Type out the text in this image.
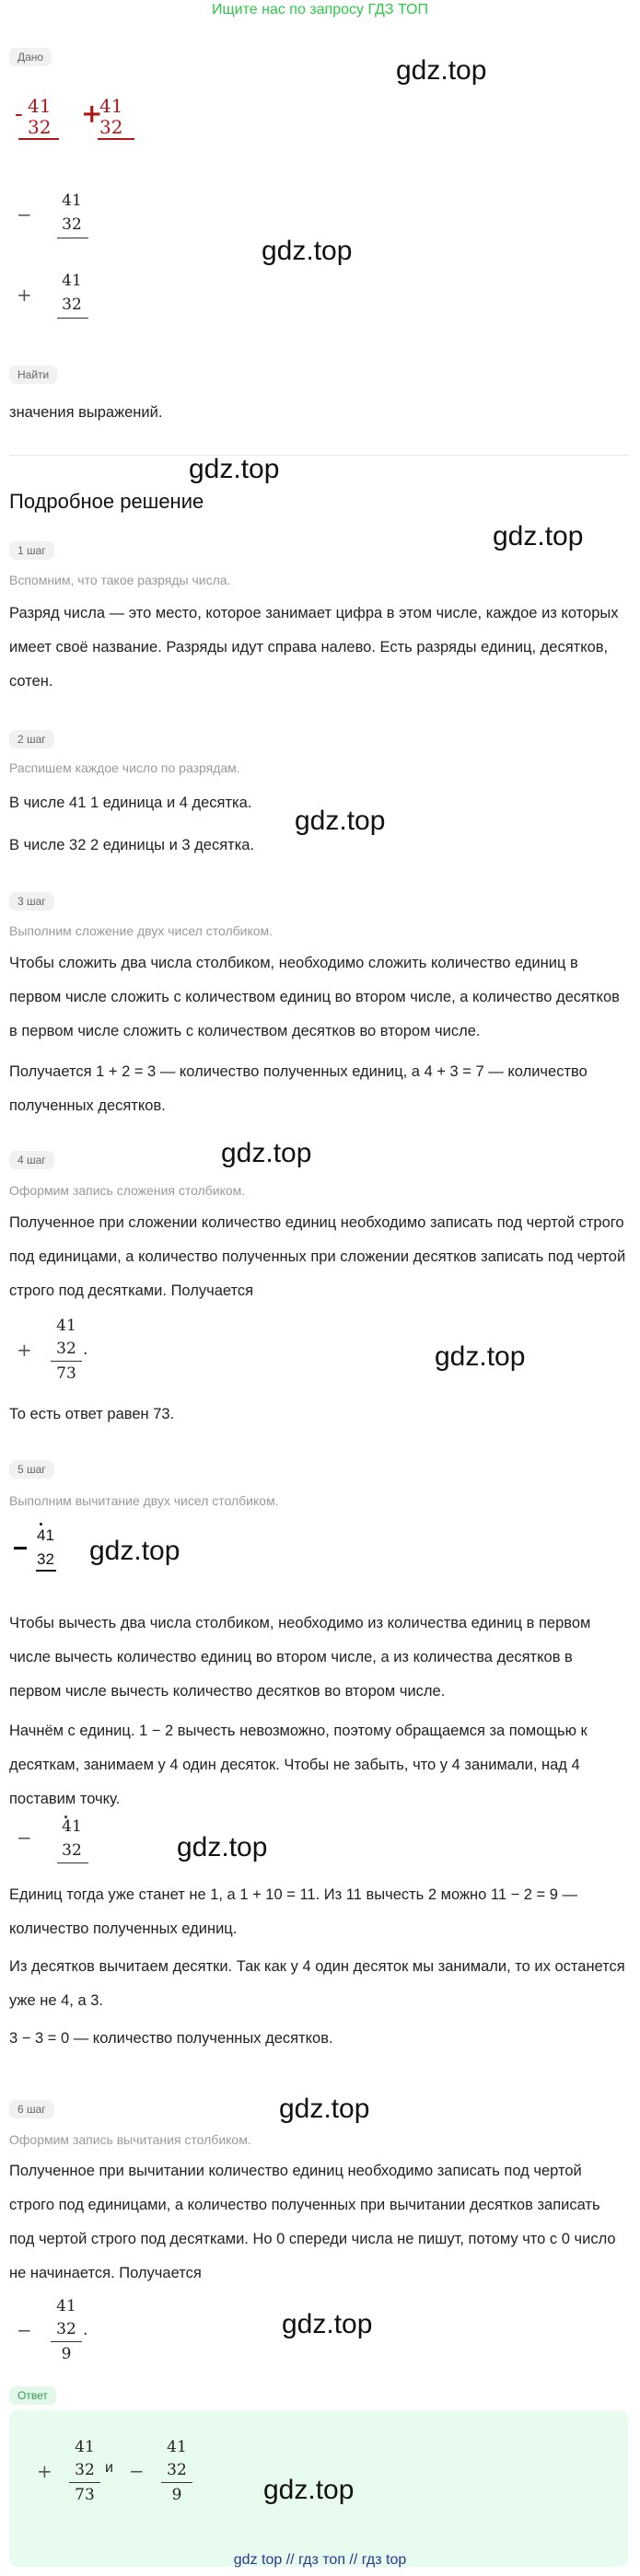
Ищите нас по запросу ГДЗ ТОП
Дано	gdz.top
- 41
32 +
41
32
−
41
32
gdz.top
+
41
32
Найти
значения выражений.
gdz.top
Подробное решение
gdz.top
1 шаг
Вспомним, что такое разряды числа.
Разряд числа — это место, которое занимает цифра в этом числе, каждое из которых имеет своё название. Разряды идут справа налево. Есть разряды единиц, десятков, сотен.
2 шаг
Распишем каждое число по разрядам.
В числе 41 1 единица и 4 десятка.
gdz.top
В числе 32 2 единицы и 3 десятка.
3 шаг
Выполним сложение двух чисел столбиком.
Чтобы сложить два числа столбиком, необходимо сложить количество единиц в первом числе сложить с количеством единиц во втором числе, а количество десятков в первом числе сложить с количеством десятков во втором числе.
Получается 1 + 2 = 3 — количество полученных единиц, а 4 + 3 = 7 — количество полученных десятков.
gdz.top
4 шаг
Оформим запись сложения столбиком.
Полученное при сложении количество единиц необходимо записать под чертой строго под единицами, а количество полученных при сложении десятков записать под чертой строго под десятками. Получается
+
41
32
73
.	gdz.top
То есть ответ равен 73.
5 шаг
Выполним вычитание двух чисел столбиком.
− 41
32 gdz.top
Чтобы вычесть два числа столбиком, необходимо из количества единиц в первом числе вычесть количество единиц во втором числе, а из количества десятков в первом числе вычесть количество десятков во втором числе.
Начнём с единиц. 1 − 2 вычесть невозможно, поэтому обращаемся за помощью к десяткам, занимаем у 4 один десяток. Чтобы не забыть, что у 4 занимали, над 4 поставим точку.
− 41
32	gdz.top
Единиц тогда уже станет не 1, а 1 + 10 = 11. Из 11 вычесть 2 можно 11 − 2 = 9 — количество полученных единиц.
Из десятков вычитаем десятки. Так как у 4 один десяток мы занимали, то их останется уже не 4, а 3.
3 − 3 = 0 — количество полученных десятков.
gdz.top
6 шаг
Оформим запись вычитания столбиком.
Полученное при вычитании количество единиц необходимо записать под чертой строго под единицами, а количество полученных при вычитании десятков записать под чертой строго под десятками. Но 0 спереди числа не пишут, потому что с 0 число не начинается. Получается
−
41
32
9
.	gdz.top
Ответ
+
41
32
73
и −
41
32
9	gdz.top
gdz top // гдз топ // гдз top
